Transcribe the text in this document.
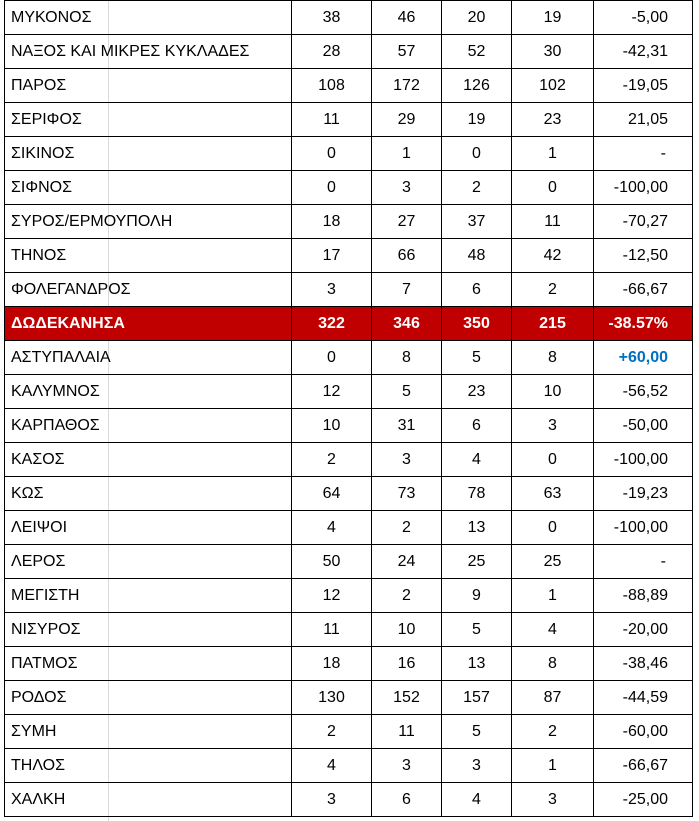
ΜΥΚΟΝΟΣ	38	46	20	19	-5,00
ΝΑΞΟΣ ΚΑΙ ΜΙΚΡΕΣ ΚΥΚΛΑΔΕΣ	28	57	52	30	-42,31
ΠΑΡΟΣ	108	172	126	102	-19,05
ΣΕΡΙΦΟΣ	11	29	19	23	21,05
ΣΙΚΙΝΟΣ	0	1	0	1	-
ΣΙΦΝΟΣ	0	3	2	0	-100,00
ΣΥΡΟΣ/ΕΡΜΟΥΠΟΛΗ	18	27	37	11	-70,27
ΤΗΝΟΣ	17	66	48	42	-12,50
ΦΟΛΕΓΑΝΔΡΟΣ	3	7	6	2	-66,67
ΔΩΔΕΚΑΝΗΣΑ	322	346	350	215	-38.57%
ΑΣΤΥΠΑΛΑΙΑ	0	8	5	8	+60,00
ΚΑΛΥΜΝΟΣ	12	5	23	10	-56,52
ΚΑΡΠΑΘΟΣ	10	31	6	3	-50,00
ΚΑΣΟΣ	2	3	4	0	-100,00
ΚΩΣ	64	73	78	63	-19,23
ΛΕΙΨΟΙ	4	2	13	0	-100,00
ΛΕΡΟΣ	50	24	25	25	-
ΜΕΓΙΣΤΗ	12	2	9	1	-88,89
ΝΙΣΥΡΟΣ	11	10	5	4	-20,00
ΠΑΤΜΟΣ	18	16	13	8	-38,46
ΡΟΔΟΣ	130	152	157	87	-44,59
ΣΥΜΗ	2	11	5	2	-60,00
ΤΗΛΟΣ	4	3	3	1	-66,67
ΧΑΛΚΗ	3	6	4	3	-25,00
